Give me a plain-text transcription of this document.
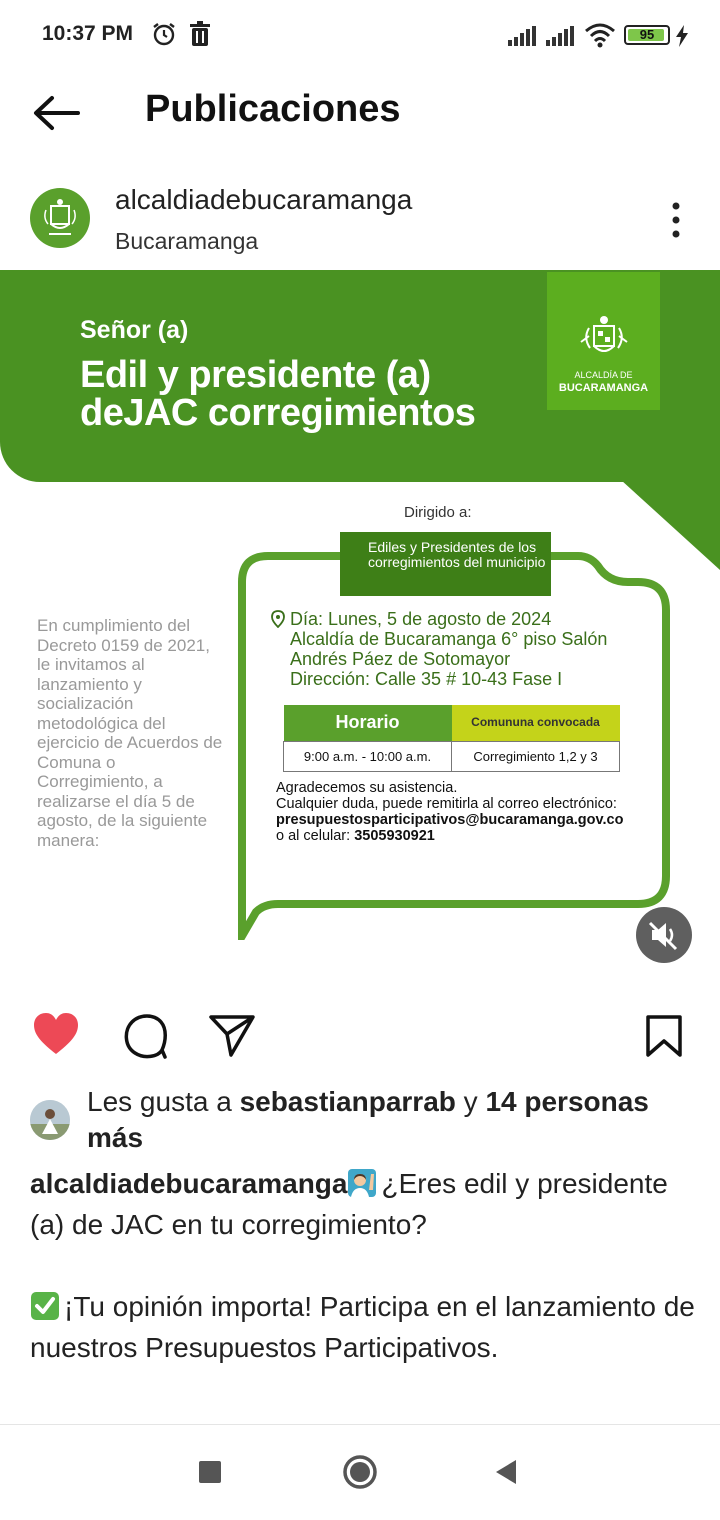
10:37 PM	95
Publicaciones
alcaldiadebucaramanga
Bucaramanga
Señor (a)
Edil y presidente (a) deJAC corregimientos
ALCALDÍA DE
BUCARAMANGA
En cumplimiento del Decreto 0159 de 2021, le invitamos al lanzamiento y socialización metodológica del ejercicio de Acuerdos de Comuna o Corregimiento, a realizarse el día 5 de agosto, de la siguiente manera:
Dirigido a:
Ediles y Presidentes de los corregimientos del municipio
Día: Lunes, 5 de agosto de 2024
Alcaldía de Bucaramanga 6° piso Salón
Andrés Páez de Sotomayor
Dirección: Calle 35 # 10-43 Fase I
Horario	Comununa convocada
9:00 a.m. - 10:00 a.m.	Corregimiento 1,2 y 3
Agradecemos su asistencia.
Cualquier duda, puede remitirla al correo electrónico:
presupuestosparticipativos@bucaramanga.gov.co
o al celular: 3505930921
Les gusta a sebastianparrab y 14 personas más

alcaldiadebucaramanga ¿Eres edil y presidente (a) de JAC en tu corregimiento?

¡Tu opinión importa! Participa en el lanzamiento de nuestros Presupuestos Participativos.
